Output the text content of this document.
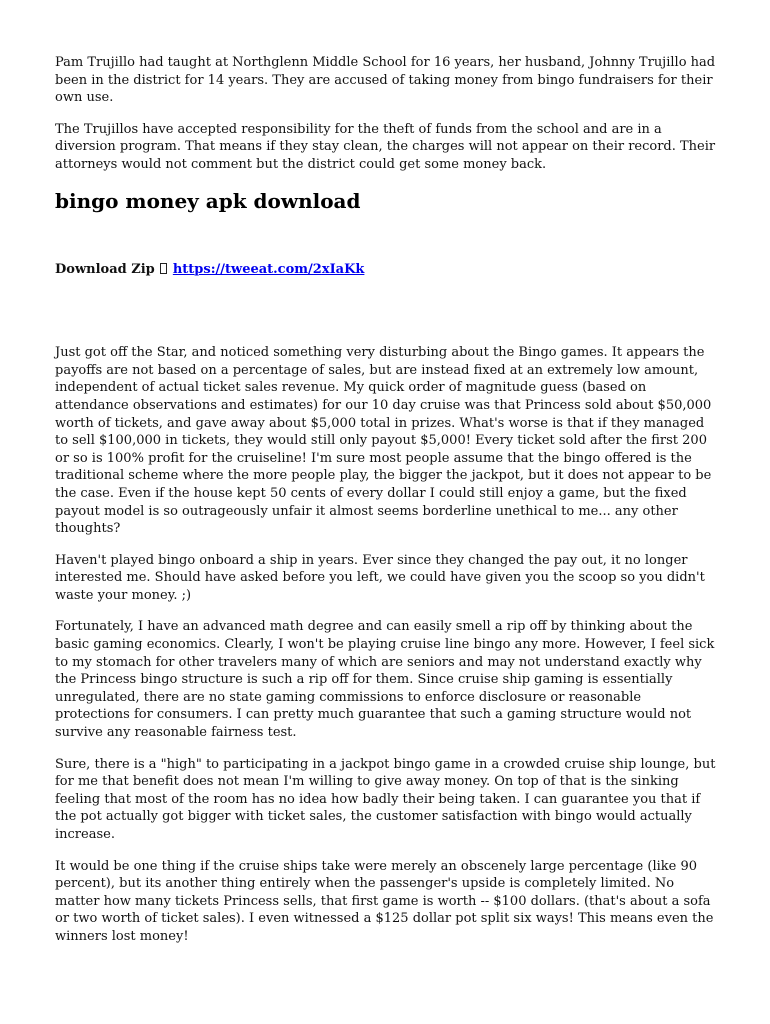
Pam Trujillo had taught at Northglenn Middle School for 16 years, her husband, Johnny Trujillo had been in the district for 14 years. They are accused of taking money from bingo fundraisers for their own use.

The Trujillos have accepted responsibility for the theft of funds from the school and are in a diversion program. That means if they stay clean, the charges will not appear on their record. Their attorneys would not comment but the district could get some money back.

bingo money apk download
Download Zip https://tweeat.com/2xIaKk

Just got off the Star, and noticed something very disturbing about the Bingo games. It appears the payoffs are not based on a percentage of sales, but are instead fixed at an extremely low amount, independent of actual ticket sales revenue. My quick order of magnitude guess (based on attendance observations and estimates) for our 10 day cruise was that Princess sold about $50,000 worth of tickets, and gave away about $5,000 total in prizes. What's worse is that if they managed to sell $100,000 in tickets, they would still only payout $5,000! Every ticket sold after the first 200 or so is 100% profit for the cruiseline! I'm sure most people assume that the bingo offered is the traditional scheme where the more people play, the bigger the jackpot, but it does not appear to be the case. Even if the house kept 50 cents of every dollar I could still enjoy a game, but the fixed payout model is so outrageously unfair it almost seems borderline unethical to me... any other thoughts?

Haven't played bingo onboard a ship in years. Ever since they changed the pay out, it no longer interested me. Should have asked before you left, we could have given you the scoop so you didn't waste your money. ;)

Fortunately, I have an advanced math degree and can easily smell a rip off by thinking about the basic gaming economics. Clearly, I won't be playing cruise line bingo any more. However, I feel sick to my stomach for other travelers many of which are seniors and may not understand exactly why the Princess bingo structure is such a rip off for them. Since cruise ship gaming is essentially unregulated, there are no state gaming commissions to enforce disclosure or reasonable protections for consumers. I can pretty much guarantee that such a gaming structure would not survive any reasonable fairness test.

Sure, there is a "high" to participating in a jackpot bingo game in a crowded cruise ship lounge, but for me that benefit does not mean I'm willing to give away money. On top of that is the sinking feeling that most of the room has no idea how badly their being taken. I can guarantee you that if the pot actually got bigger with ticket sales, the customer satisfaction with bingo would actually increase.

It would be one thing if the cruise ships take were merely an obscenely large percentage (like 90 percent), but its another thing entirely when the passenger's upside is completely limited. No matter how many tickets Princess sells, that first game is worth -- $100 dollars. (that's about a sofa or two worth of ticket sales). I even witnessed a $125 dollar pot split six ways! This means even the winners lost money!
